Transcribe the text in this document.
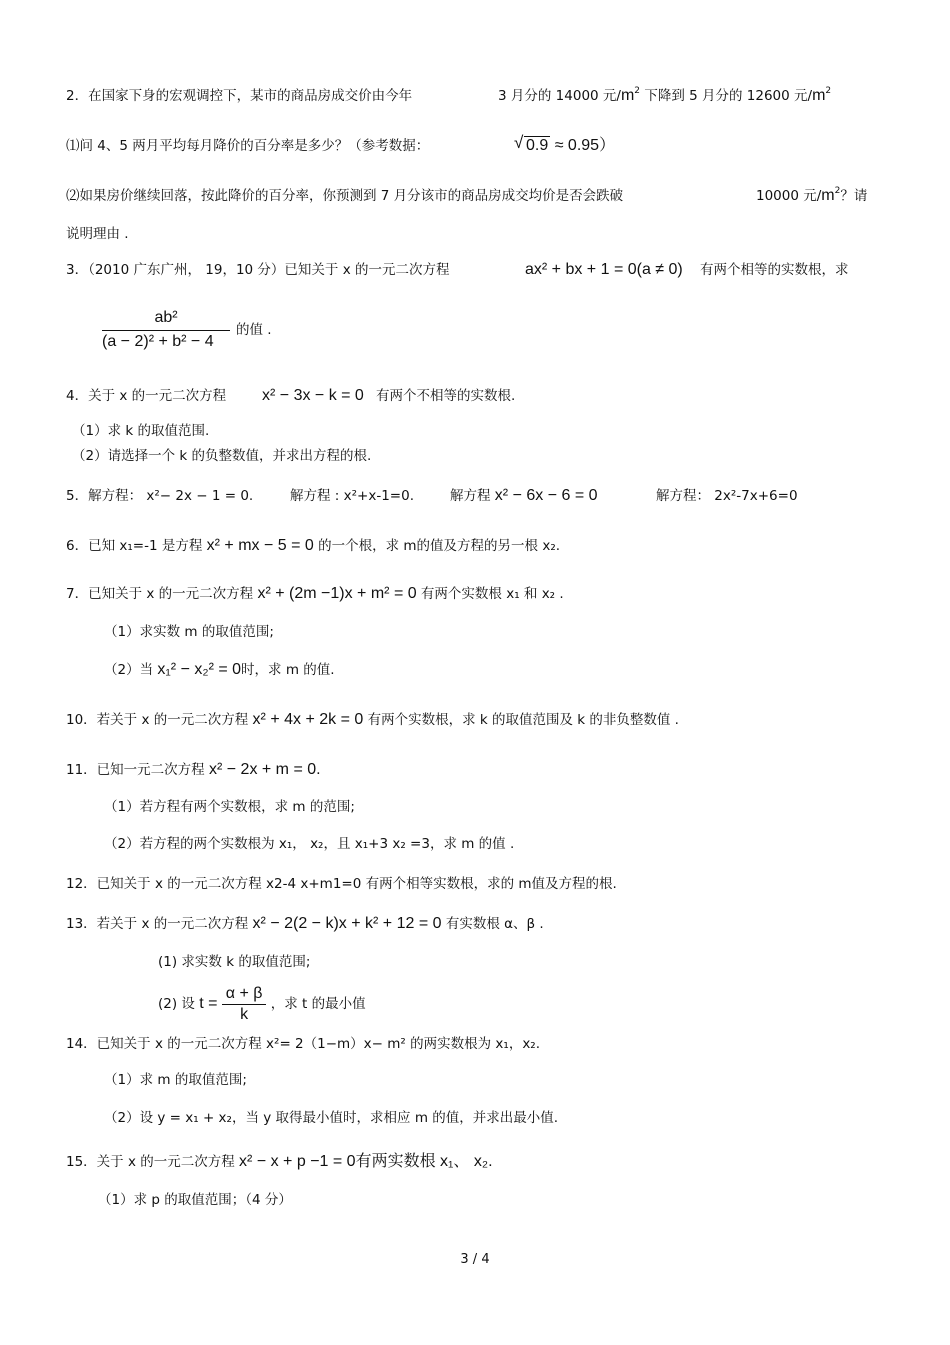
2．在国家下身的宏观调控下，某市的商品房成交价由今年	3 月分的 14000 元$/m^2$ 下降到 5 月分的 12600 元$/m^2$
⑴问 4、5 两月平均每月降价的百分率是多少？（参考数据：	√ 0.9 ≈ 0.95）
⑵如果房价继续回落，按此降价的百分率，你预测到 7 月分该市的商品房成交均价是否会跌破	10000 元$/m^2$？请
说明理由 .
3．（2010 广东广州， 19，10 分）已知关于 x 的一元二次方程	ax² + bx + 1 = 0(a ≠ 0) 有两个相等的实数根，求
ab²
(a − 2)² + b² − 4
的值 .
4．关于 x 的一元二次方程 x² − 3x − k = 0 有两个不相等的实数根.
（1）求 k 的取值范围.
（2）请选择一个 k 的负整数值，并求出方程的根.
5．解方程： x²− 2x − 1 = 0.	解方程 : x²+x-1=0.	解方程 x² − 6x − 6 = 0	解方程： 2x²-7x+6=0
6．已知 x₁=-1 是方程 x² + mx − 5 = 0 的一个根，求 m的值及方程的另一根 x₂.
7．已知关于 x 的一元二次方程 x² + (2m −1)x + m² = 0 有两个实数根 x₁ 和 x₂ .
（1）求实数 m 的取值范围;
（2）当 x₁² − x₂² = 0时，求 m 的值.
10．若关于 x 的一元二次方程 x² + 4x + 2k = 0 有两个实数根，求 k 的取值范围及 k 的非负整数值 .
11．已知一元二次方程 x² − 2x + m = 0.
（1）若方程有两个实数根，求 m 的范围;
（2）若方程的两个实数根为 x₁， x₂，且 x₁+3 x₂ =3，求 m 的值 .
12．已知关于 x 的一元二次方程 x2-4 x+m1=0 有两个相等实数根，求的 m值及方程的根.
13．若关于 x 的一元二次方程 x² − 2(2 − k)x + k² + 12 = 0 有实数根 α、β .
(1) 求实数 k 的取值范围;
(2) 设 $t = \frac{\alpha + \beta}{k}$ ，求 t 的最小值
14．已知关于 x 的一元二次方程 x²= 2（1−m）x− m² 的两实数根为 x₁，x₂.
（1）求 m 的取值范围;
（2）设 y = x₁ + x₂，当 y 取得最小值时，求相应 m 的值，并求出最小值.
15．关于 x 的一元二次方程 x² − x + p −1 = 0有两实数根 x₁、 x₂.
（1）求 p 的取值范围；（4 分）
3 / 4
